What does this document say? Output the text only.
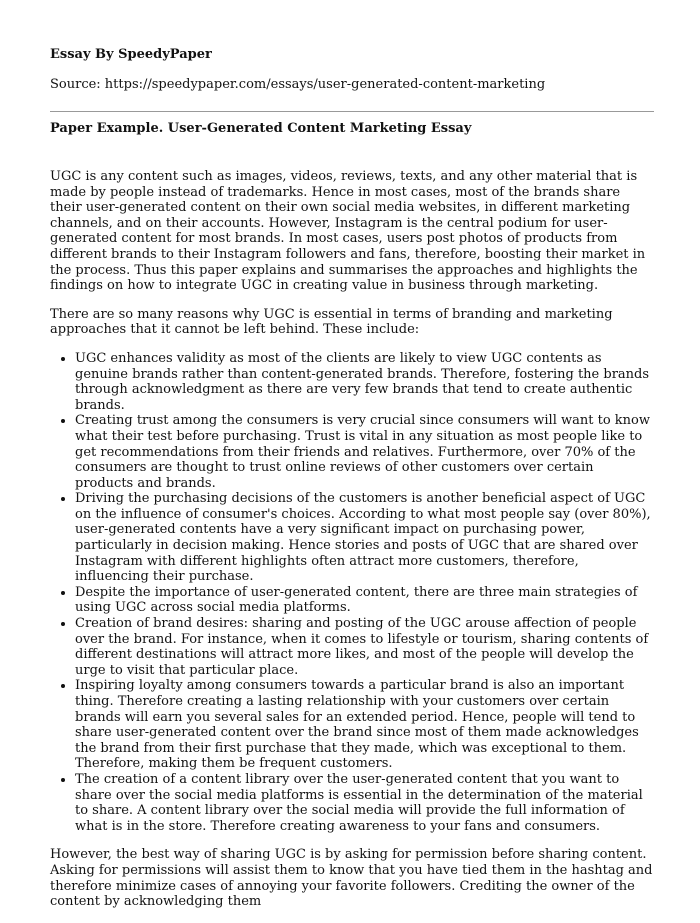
Essay By SpeedyPaper
Source: https://speedypaper.com/essays/user-generated-content-marketing
Paper Example. User-Generated Content Marketing Essay

UGC is any content such as images, videos, reviews, texts, and any other material that is made by people instead of trademarks. Hence in most cases, most of the brands share their user-generated content on their own social media websites, in different marketing channels, and on their accounts. However, Instagram is the central podium for user-generated content for most brands. In most cases, users post photos of products from different brands to their Instagram followers and fans, therefore, boosting their market in the process. Thus this paper explains and summarises the approaches and highlights the findings on how to integrate UGC in creating value in business through marketing.

There are so many reasons why UGC is essential in terms of branding and marketing approaches that it cannot be left behind. These include:

• UGC enhances validity as most of the clients are likely to view UGC contents as genuine brands rather than content-generated brands. Therefore, fostering the brands through acknowledgment as there are very few brands that tend to create authentic brands.
• Creating trust among the consumers is very crucial since consumers will want to know what their test before purchasing. Trust is vital in any situation as most people like to get recommendations from their friends and relatives. Furthermore, over 70% of the consumers are thought to trust online reviews of other customers over certain products and brands.
• Driving the purchasing decisions of the customers is another beneficial aspect of UGC on the influence of consumer's choices. According to what most people say (over 80%), user-generated contents have a very significant impact on purchasing power, particularly in decision making. Hence stories and posts of UGC that are shared over Instagram with different highlights often attract more customers, therefore, influencing their purchase.
• Despite the importance of user-generated content, there are three main strategies of using UGC across social media platforms.
• Creation of brand desires: sharing and posting of the UGC arouse affection of people over the brand. For instance, when it comes to lifestyle or tourism, sharing contents of different destinations will attract more likes, and most of the people will develop the urge to visit that particular place.
• Inspiring loyalty among consumers towards a particular brand is also an important thing. Therefore creating a lasting relationship with your customers over certain brands will earn you several sales for an extended period. Hence, people will tend to share user-generated content over the brand since most of them made acknowledges the brand from their first purchase that they made, which was exceptional to them. Therefore, making them be frequent customers.
• The creation of a content library over the user-generated content that you want to share over the social media platforms is essential in the determination of the material to share. A content library over the social media will provide the full information of what is in the store. Therefore creating awareness to your fans and consumers.

However, the best way of sharing UGC is by asking for permission before sharing content. Asking for permissions will assist them to know that you have tied them in the hashtag and therefore minimize cases of annoying your favorite followers. Crediting the owner of the content by acknowledging them
